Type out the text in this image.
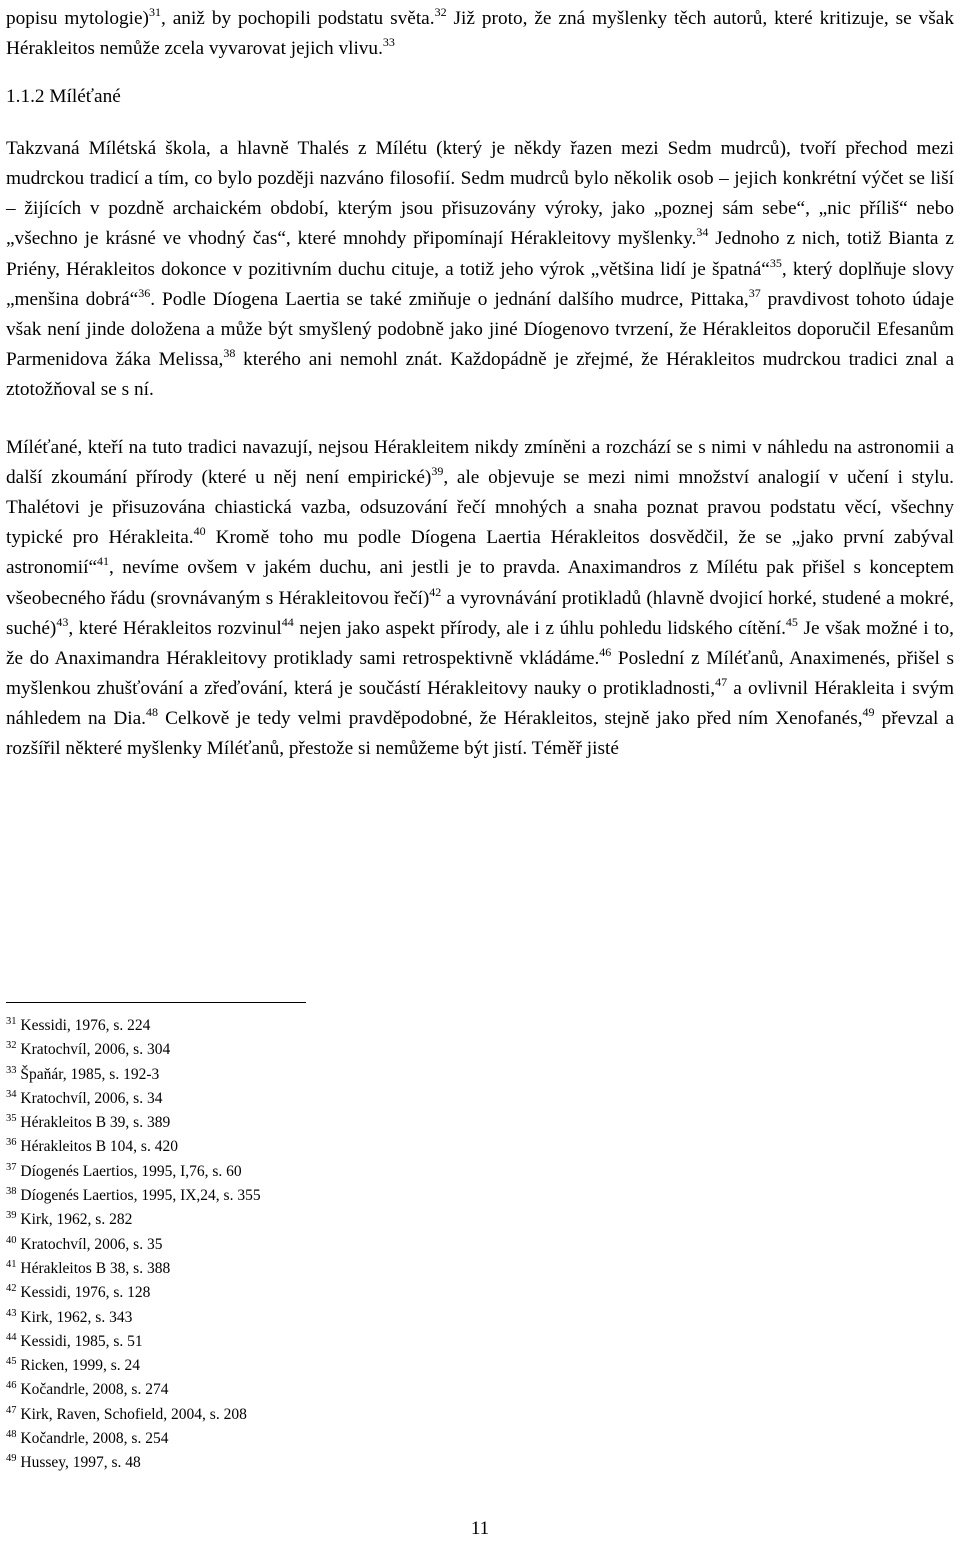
popisu mytologie)$^{31}$, aniž by pochopili podstatu světa.$^{32}$ Již proto, že zná myšlenky těch autorů, které kritizuje, se však Hérakleitos nemůže zcela vyvarovat jejich vlivu.$^{33}$

1.1.2 Míléťané

Takzvaná Mílétská škola, a hlavně Thalés z Mílétu (který je někdy řazen mezi Sedm mudrců), tvoří přechod mezi mudrckou tradicí a tím, co bylo později nazváno filosofií. Sedm mudrců bylo několik osob – jejich konkrétní výčet se liší – žijících v pozdně archaickém období, kterým jsou přisuzovány výroky, jako „poznej sám sebe“, „nic příliš“ nebo „všechno je krásné ve vhodný čas“, které mnohdy připomínají Hérakleitovy myšlenky.$^{34}$ Jednoho z nich, totiž Bianta z Priény, Hérakleitos dokonce v pozitivním duchu cituje, a totiž jeho výrok „většina lidí je špatná“$^{35}$, který doplňuje slovy „menšina dobrá“$^{36}$. Podle Díogena Laertia se také zmiňuje o jednání dalšího mudrce, Pittaka,$^{37}$ pravdivost tohoto údaje však není jinde doložena a může být smyšlený podobně jako jiné Díogenovo tvrzení, že Hérakleitos doporučil Efesanům Parmenidova žáka Melissa,$^{38}$ kterého ani nemohl znát. Každopádně je zřejmé, že Hérakleitos mudrckou tradici znal a ztotožňoval se s ní.

Míléťané, kteří na tuto tradici navazují, nejsou Hérakleitem nikdy zmíněni a rozchází se s nimi v náhledu na astronomii a další zkoumání přírody (které u něj není empirické)$^{39}$, ale objevuje se mezi nimi množství analogií v učení i stylu. Thalétovi je přisuzována chiastická vazba, odsuzování řečí mnohých a snaha poznat pravou podstatu věcí, všechny typické pro Hérakleita.$^{40}$ Kromě toho mu podle Díogena Laertia Hérakleitos dosvědčil, že se „jako první zabýval astronomií“$^{41}$, nevíme ovšem v jakém duchu, ani jestli je to pravda. Anaximandros z Mílétu pak přišel s konceptem všeobecného řádu (srovnávaným s Hérakleitovou řečí)$^{42}$ a vyrovnávání protikladů (hlavně dvojicí horké, studené a mokré, suché)$^{43}$, které Hérakleitos rozvinul$^{44}$ nejen jako aspekt přírody, ale i z úhlu pohledu lidského cítění.$^{45}$ Je však možné i to, že do Anaximandra Hérakleitovy protiklady sami retrospektivně vkládáme.$^{46}$ Poslední z Míléťanů, Anaximenés, přišel s myšlenkou zhušťování a zřeďování, která je součástí Hérakleitovy nauky o protikladnosti,$^{47}$ a ovlivnil Hérakleita i svým náhledem na Dia.$^{48}$ Celkově je tedy velmi pravděpodobné, že Hérakleitos, stejně jako před ním Xenofanés,$^{49}$ převzal a rozšířil některé myšlenky Míléťanů, přestože si nemůžeme být jistí. Téměř jisté

$^{31}$ Kessidi, 1976, s. 224

$^{32}$ Kratochvíl, 2006, s. 304

$^{33}$ Špaňár, 1985, s. 192-3

$^{34}$ Kratochvíl, 2006, s. 34

$^{35}$ Hérakleitos B 39, s. 389

$^{36}$ Hérakleitos B 104, s. 420

$^{37}$ Díogenés Laertios, 1995, I,76, s. 60

$^{38}$ Díogenés Laertios, 1995, IX,24, s. 355

$^{39}$ Kirk, 1962, s. 282

$^{40}$ Kratochvíl, 2006, s. 35

$^{41}$ Hérakleitos B 38, s. 388

$^{42}$ Kessidi, 1976, s. 128

$^{43}$ Kirk, 1962, s. 343

$^{44}$ Kessidi, 1985, s. 51

$^{45}$ Ricken, 1999, s. 24

$^{46}$ Kočandrle, 2008, s. 274

$^{47}$ Kirk, Raven, Schofield, 2004, s. 208

$^{48}$ Kočandrle, 2008, s. 254

$^{49}$ Hussey, 1997, s. 48

11
